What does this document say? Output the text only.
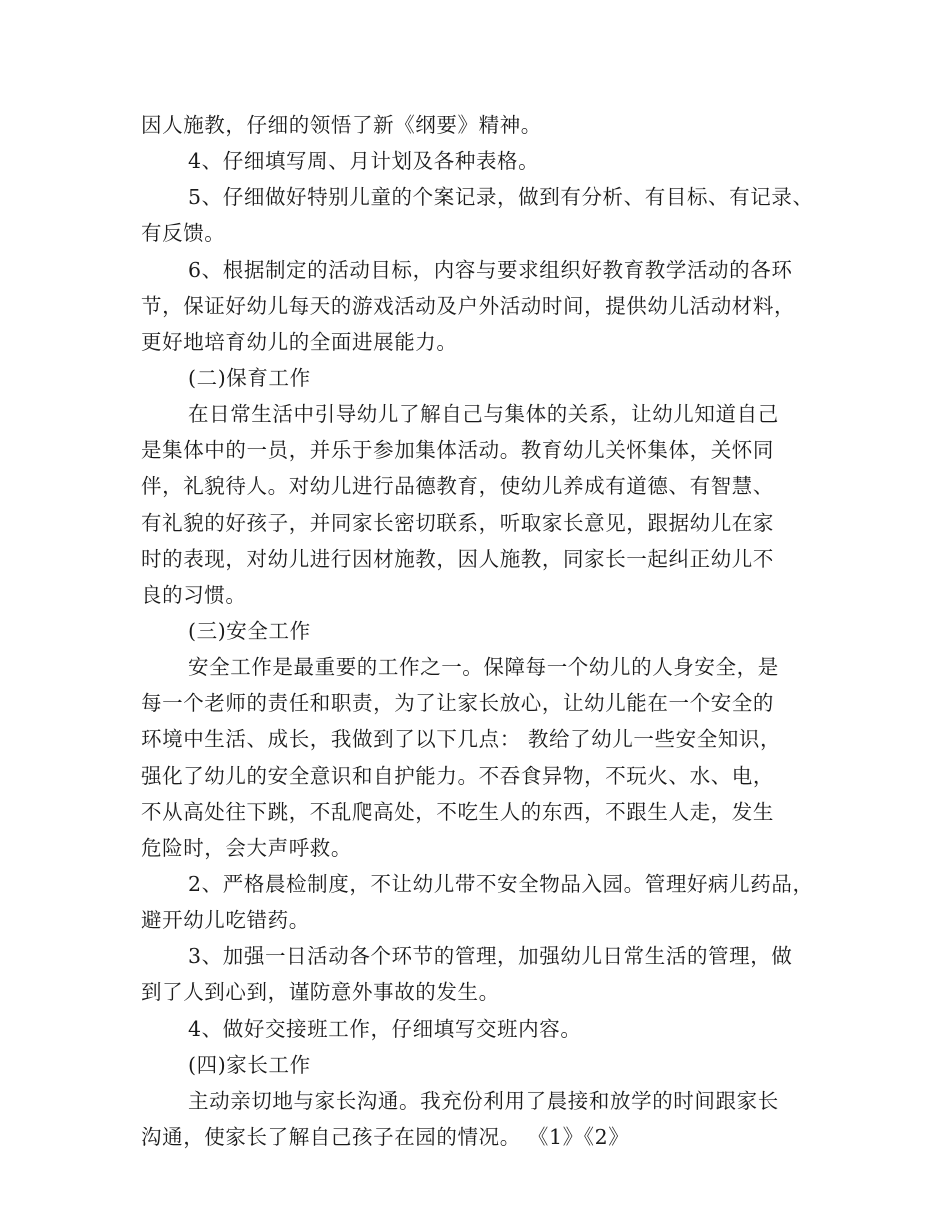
因人施教，仔细的领悟了新《纲要》精神。
4、仔细填写周、月计划及各种表格。
5、仔细做好特别儿童的个案记录，做到有分析、有目标、有记录、
有反馈。
6、根据制定的活动目标，内容与要求组织好教育教学活动的各环
节，保证好幼儿每天的游戏活动及户外活动时间，提供幼儿活动材料，
更好地培育幼儿的全面进展能力。
(二)保育工作
在日常生活中引导幼儿了解自己与集体的关系，让幼儿知道自己
是集体中的一员，并乐于参加集体活动。教育幼儿关怀集体，关怀同
伴，礼貌待人。对幼儿进行品德教育，使幼儿养成有道德、有智慧、
有礼貌的好孩子，并同家长密切联系，听取家长意见，跟据幼儿在家
时的表现，对幼儿进行因材施教，因人施教，同家长一起纠正幼儿不
良的习惯。
(三)安全工作
安全工作是最重要的工作之一。保障每一个幼儿的人身安全，是
每一个老师的责任和职责，为了让家长放心，让幼儿能在一个安全的
环境中生活、成长，我做到了以下几点： 教给了幼儿一些安全知识，
强化了幼儿的安全意识和自护能力。不吞食异物，不玩火、水、电，
不从高处往下跳，不乱爬高处，不吃生人的东西，不跟生人走，发生
危险时，会大声呼救。
2、严格晨检制度，不让幼儿带不安全物品入园。管理好病儿药品，
避开幼儿吃错药。
3、加强一日活动各个环节的管理，加强幼儿日常生活的管理，做
到了人到心到，谨防意外事故的发生。
4、做好交接班工作，仔细填写交班内容。
(四)家长工作
主动亲切地与家长沟通。我充份利用了晨接和放学的时间跟家长
沟通，使家长了解自己孩子在园的情况。 《1》《2》
